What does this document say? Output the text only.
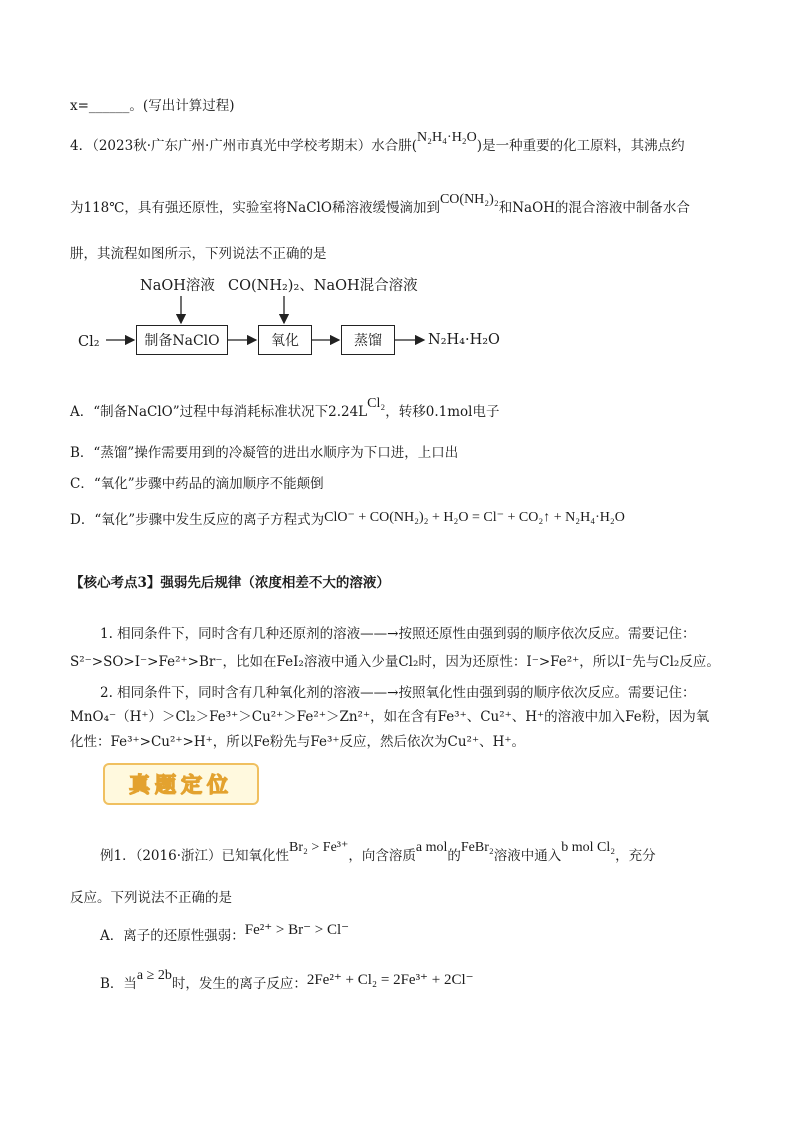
x=______。(写出计算过程)
4．（2023秋·广东广州·广州市真光中学校考期末）水合肼(N₂H₄·H₂O)是一种重要的化工原料，其沸点约
为118℃，具有强还原性，实验室将NaClO稀溶液缓慢滴加到CO(NH₂)₂和NaOH的混合溶液中制备水合
肼，其流程如图所示，下列说法不正确的是
NaOH溶液 CO(NH₂)₂、NaOH混合溶液
Cl₂	制备NaClO	氧化	蒸馏	N₂H₄·H₂O
A．“制备NaClO”过程中每消耗标准状况下2.24LCl₂，转移0.1mol电子
B．“蒸馏”操作需要用到的冷凝管的进出水顺序为下口进，上口出
C．“氧化”步骤中药品的滴加顺序不能颠倒
D．“氧化”步骤中发生反应的离子方程式为ClO⁻ + CO(NH₂)₂ + H₂O = Cl⁻ + CO₂↑ + N₂H₄·H₂O
【核心考点3】强弱先后规律（浓度相差不大的溶液）
1. 相同条件下，同时含有几种还原剂的溶液——→按照还原性由强到弱的顺序依次反应。需要记住：
S²⁻>SO>I⁻>Fe²⁺>Br⁻，比如在FeI₂溶液中通入少量Cl₂时，因为还原性：I⁻>Fe²⁺，所以I⁻先与Cl₂反应。
2. 相同条件下，同时含有几种氧化剂的溶液——→按照氧化性由强到弱的顺序依次反应。需要记住：
MnO₄⁻（H⁺）＞Cl₂＞Fe³⁺＞Cu²⁺＞Fe²⁺＞Zn²⁺，如在含有Fe³⁺、Cu²⁺、H⁺的溶液中加入Fe粉，因为氧
化性：Fe³⁺>Cu²⁺>H⁺，所以Fe粉先与Fe³⁺反应，然后依次为Cu²⁺、H⁺。
真题定位
例1．（2016·浙江）已知氧化性Br₂ > Fe³⁺，向含溶质a mol的FeBr₂溶液中通入b mol Cl₂，充分
反应。下列说法不正确的是
A．离子的还原性强弱：Fe²⁺ > Br⁻ > Cl⁻
B．当a ≥ 2b时，发生的离子反应：2Fe²⁺ + Cl₂ = 2Fe³⁺ + 2Cl⁻
